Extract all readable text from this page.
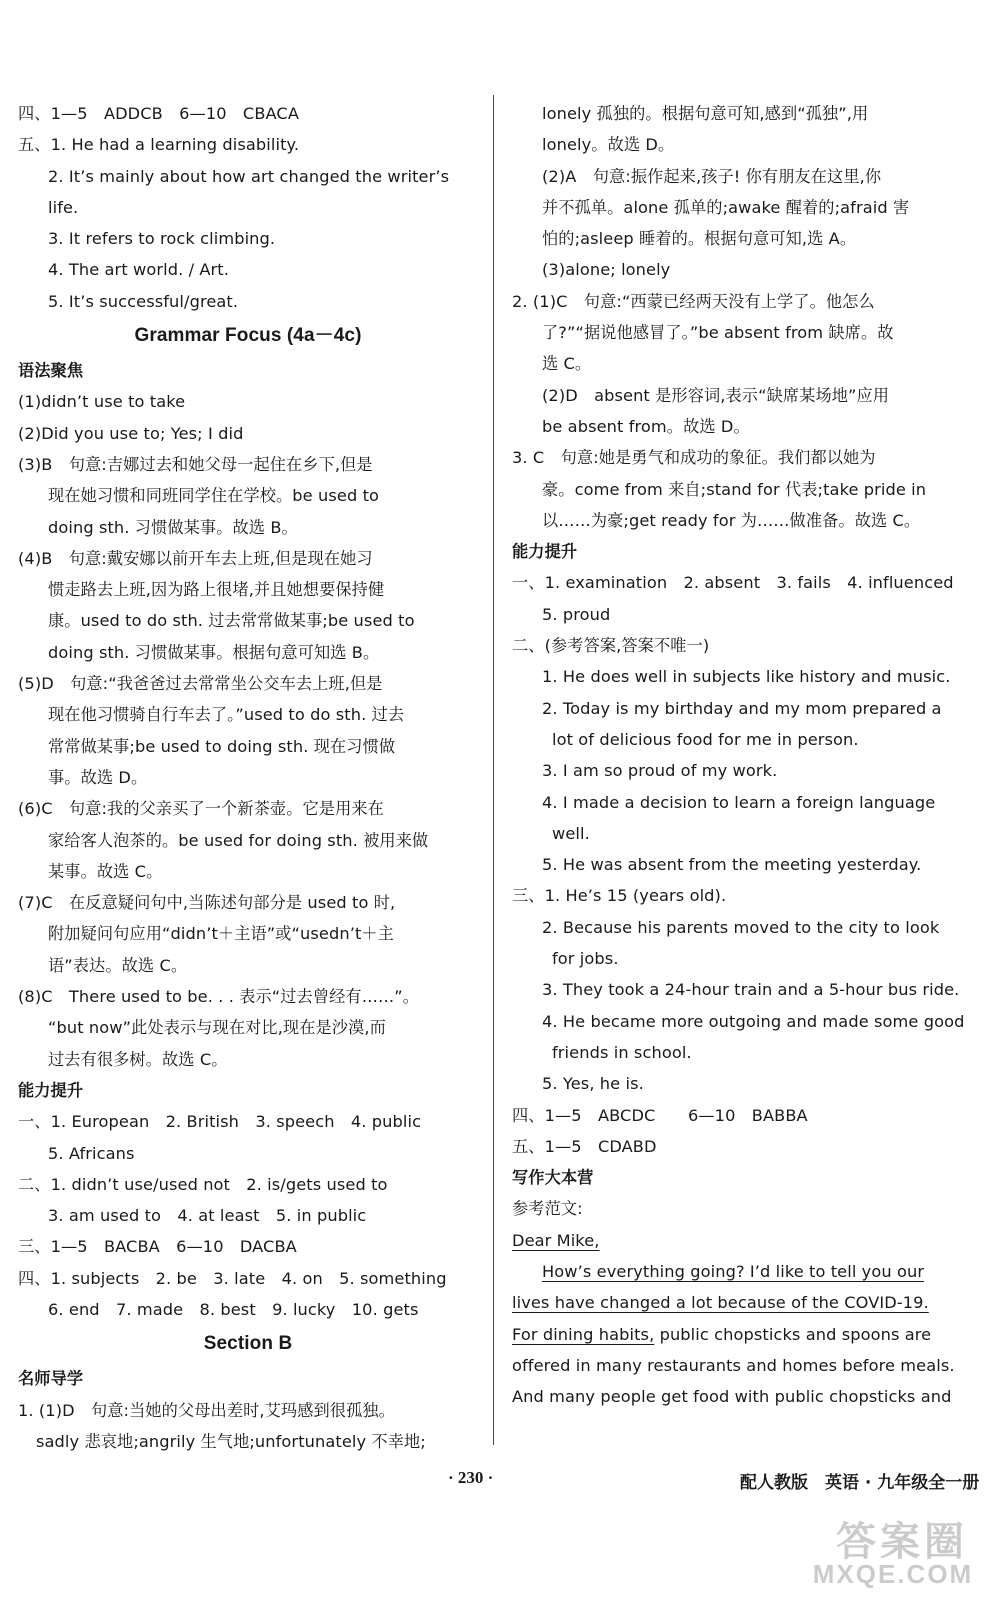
四、1—5　ADDCB　6—10　CBACA
五、1. He had a learning disability.
2. It’s mainly about how art changed the writer’s
life.
3. It refers to rock climbing.
4. The art world. / Art.
5. It’s successful/great.
Grammar Focus (4a－4c)
语法聚焦
(1)didn’t use to take
(2)Did you use to; Yes; I did
(3)B　句意:吉娜过去和她父母一起住在乡下,但是
现在她习惯和同班同学住在学校。be used to
doing sth. 习惯做某事。故选 B。
(4)B　句意:戴安娜以前开车去上班,但是现在她习
惯走路去上班,因为路上很堵,并且她想要保持健
康。used to do sth. 过去常常做某事;be used to
doing sth. 习惯做某事。根据句意可知选 B。
(5)D　句意:“我爸爸过去常常坐公交车去上班,但是
现在他习惯骑自行车去了。”used to do sth. 过去
常常做某事;be used to doing sth. 现在习惯做
事。故选 D。
(6)C　句意:我的父亲买了一个新茶壶。它是用来在
家给客人泡茶的。be used for doing sth. 被用来做
某事。故选 C。
(7)C　在反意疑问句中,当陈述句部分是 used to 时,
附加疑问句应用“didn’t＋主语”或“usedn’t＋主
语”表达。故选 C。
(8)C　There used to be. . . 表示“过去曾经有……”。
“but now”此处表示与现在对比,现在是沙漠,而
过去有很多树。故选 C。
能力提升
一、1. European　2. British　3. speech　4. public
5. Africans
二、1. didn’t use/used not　2. is/gets used to
3. am used to　4. at least　5. in public
三、1—5　BACBA　6—10　DACBA
四、1. subjects　2. be　3. late　4. on　5. something
6. end　7. made　8. best　9. lucky　10. gets
Section B
名师导学
1. (1)D　句意:当她的父母出差时,艾玛感到很孤独。
sadly 悲哀地;angrily 生气地;unfortunately 不幸地;
lonely 孤独的。根据句意可知,感到“孤独”,用
lonely。故选 D。
(2)A　句意:振作起来,孩子! 你有朋友在这里,你
并不孤单。alone 孤单的;awake 醒着的;afraid 害
怕的;asleep 睡着的。根据句意可知,选 A。
(3)alone; lonely
2. (1)C　句意:“西蒙已经两天没有上学了。他怎么
了?”“据说他感冒了。”be absent from 缺席。故
选 C。
(2)D　absent 是形容词,表示“缺席某场地”应用
be absent from。故选 D。
3. C　句意:她是勇气和成功的象征。我们都以她为
豪。come from 来自;stand for 代表;take pride in
以……为豪;get ready for 为……做准备。故选 C。
能力提升
一、1. examination　2. absent　3. fails　4. influenced
5. proud
二、(参考答案,答案不唯一)
1. He does well in subjects like history and music.
2. Today is my birthday and my mom prepared a
lot of delicious food for me in person.
3. I am so proud of my work.
4. I made a decision to learn a foreign language
well.
5. He was absent from the meeting yesterday.
三、1. He’s 15 (years old).
2. Because his parents moved to the city to look
for jobs.
3. They took a 24-hour train and a 5-hour bus ride.
4. He became more outgoing and made some good
friends in school.
5. Yes, he is.
四、1—5　ABCDC　　6—10　BABBA
五、1—5　CDABD
写作大本营
参考范文:
Dear Mike,
How’s everything going? I’d like to tell you our
lives have changed a lot because of the COVID-19.
For dining habits, public chopsticks and spoons are
offered in many restaurants and homes before meals.
And many people get food with public chopsticks and
· 230 ·	配人教版　英语 · 九年级全一册
答案圈
MXQE.COM
